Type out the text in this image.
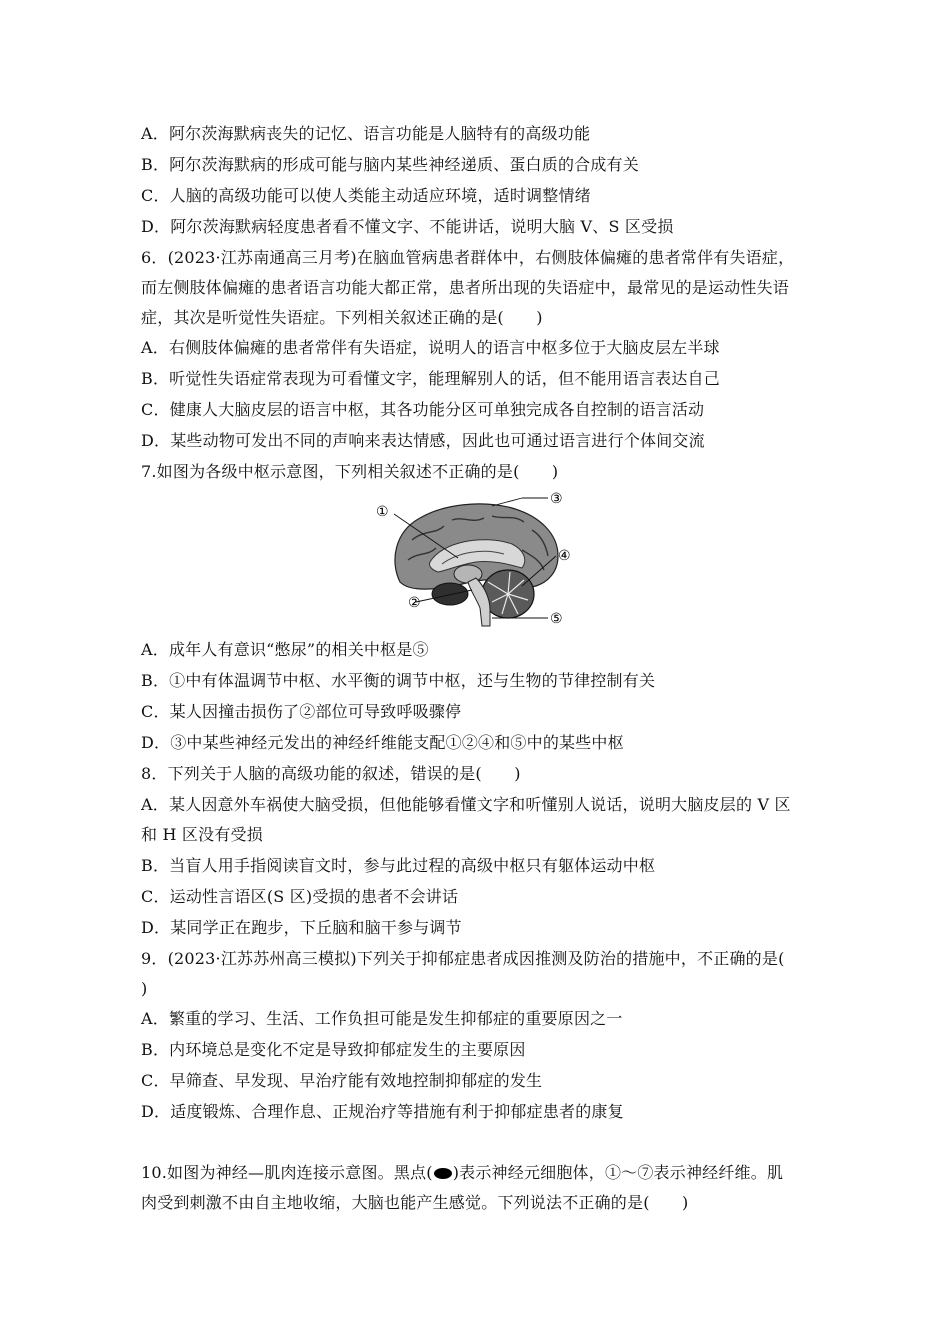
A．阿尔茨海默病丧失的记忆、语言功能是人脑特有的高级功能
B．阿尔茨海默病的形成可能与脑内某些神经递质、蛋白质的合成有关
C．人脑的高级功能可以使人类能主动适应环境，适时调整情绪
D．阿尔茨海默病轻度患者看不懂文字、不能讲话，说明大脑 V、S 区受损
6．(2023·江苏南通高三月考)在脑血管病患者群体中，右侧肢体偏瘫的患者常伴有失语症，
而左侧肢体偏瘫的患者语言功能大都正常，患者所出现的失语症中，最常见的是运动性失语
症，其次是听觉性失语症。下列相关叙述正确的是(　　)
A．右侧肢体偏瘫的患者常伴有失语症，说明人的语言中枢多位于大脑皮层左半球
B．听觉性失语症常表现为可看懂文字，能理解别人的话，但不能用语言表达自己
C．健康人大脑皮层的语言中枢，其各功能分区可单独完成各自控制的语言活动
D．某些动物可发出不同的声响来表达情感，因此也可通过语言进行个体间交流
7.如图为各级中枢示意图，下列相关叙述不正确的是(　　)
①
②
③
④
⑤
A．成年人有意识“憋尿”的相关中枢是⑤
B．①中有体温调节中枢、水平衡的调节中枢，还与生物的节律控制有关
C．某人因撞击损伤了②部位可导致呼吸骤停
D．③中某些神经元发出的神经纤维能支配①②④和⑤中的某些中枢
8．下列关于人脑的高级功能的叙述，错误的是(　　)
A．某人因意外车祸使大脑受损，但他能够看懂文字和听懂别人说话，说明大脑皮层的 V 区
和 H 区没有受损
B．当盲人用手指阅读盲文时，参与此过程的高级中枢只有躯体运动中枢
C．运动性言语区(S 区)受损的患者不会讲话
D．某同学正在跑步，下丘脑和脑干参与调节
9．(2023·江苏苏州高三模拟)下列关于抑郁症患者成因推测及防治的措施中，不正确的是(
)
A．繁重的学习、生活、工作负担可能是发生抑郁症的重要原因之一
B．内环境总是变化不定是导致抑郁症发生的主要原因
C．早筛查、早发现、早治疗能有效地控制抑郁症的发生
D．适度锻炼、合理作息、正规治疗等措施有利于抑郁症患者的康复
10.如图为神经—肌肉连接示意图。黑点( )表示神经元细胞体，①～⑦表示神经纤维。肌
肉受到刺激不由自主地收缩，大脑也能产生感觉。下列说法不正确的是(　　)
